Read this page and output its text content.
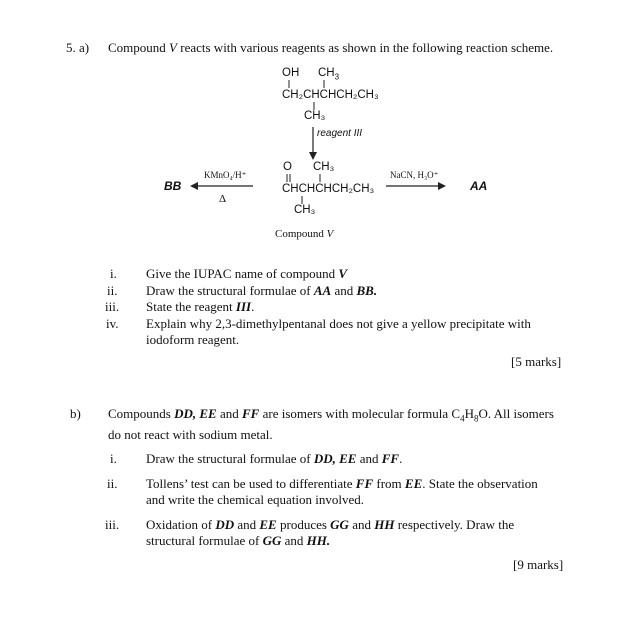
5. a) Compound V reacts with various reagents as shown in the following reaction scheme.
OH $CH_3$
CH₂CHCHCH₂CH₃
CH₃
reagent III
O CH₃
CHCHCHCH₂CH₃
CH₃
KMnO₄/H⁺
Δ
BB
NaCN, H₃O⁺
AA
Compound V
i. Give the IUPAC name of compound V
ii. Draw the structural formulae of AA and BB.
iii. State the reagent III.
iv. Explain why 2,3-dimethylpentanal does not give a yellow precipitate with iodoform reagent.
[5 marks]
b) Compounds DD, EE and FF are isomers with molecular formula $C_4H_8O$. All isomers do not react with sodium metal.
i. Draw the structural formulae of DD, EE and FF.
ii. Tollens’ test can be used to differentiate FF from EE. State the observation and write the chemical equation involved.
iii. Oxidation of DD and EE produces GG and HH respectively. Draw the structural formulae of GG and HH.
[9 marks]
